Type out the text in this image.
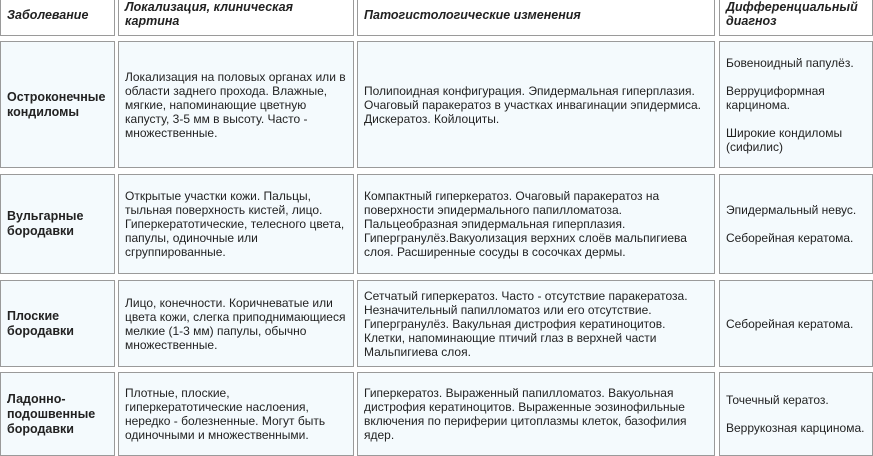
Заболевание
Локализация, клиническая картина	Патогистологические изменения
Дифференциальный диагноз
Остроконечные кондиломы
Локализация на половых органах или в области заднего прохода. Влажные, мягкие, напоминающие цветную капусту, 3-5 мм в высоту. Часто - множественные.
Полипоидная конфигурация. Эпидермальная гиперплазия. Очаговый паракератоз в участках инвагинации эпидермиса. Дискератоз. Койлоциты.

Бовеноидный папулёз.

Верруциформная карцинома.

Широкие кондиломы (сифилис)

Вульгарные бородавки
Открытые участки кожи. Пальцы, тыльная поверхность кистей, лицо. Гиперкератотические, телесного цвета, папулы, одиночные или сгруппированные.
Компактный гиперкератоз. Очаговый паракератоз на поверхности эпидермального папилломатоза. Пальцеобразная эпидермальная гиперплазия. Гипергранулёз.Вакуолизация верхних слоёв мальпигиева слоя. Расширенные сосуды в сосочках дермы.

Эпидермальный невус.

Себорейная кератома.

Плоские бородавки
Лицо, конечности. Коричневатые или цвета кожи, слегка приподнимающиеся мелкие (1-3 мм) папулы, обычно множественные.
Сетчатый гиперкератоз. Часто - отсутствие паракератоза. Незначительный папилломатоз или его отсутствие. Гипергранулёз. Вакульная дистрофия кератиноцитов. Клетки, напоминающие птичий глаз в верхней части Мальпигиева слоя.

Себорейная кератома.

Ладонно-подошвенные бородавки
Плотные, плоские, гиперкератотические наслоения, нередко - болезненные. Могут быть одиночными и множественными.
Гиперкератоз. Выраженный папилломатоз. Вакуольная дистрофия кератиноцитов. Выраженные эозинофильные включения по периферии цитоплазмы клеток, базофилия ядер.

Точечный кератоз.

Веррукозная карцинома.
